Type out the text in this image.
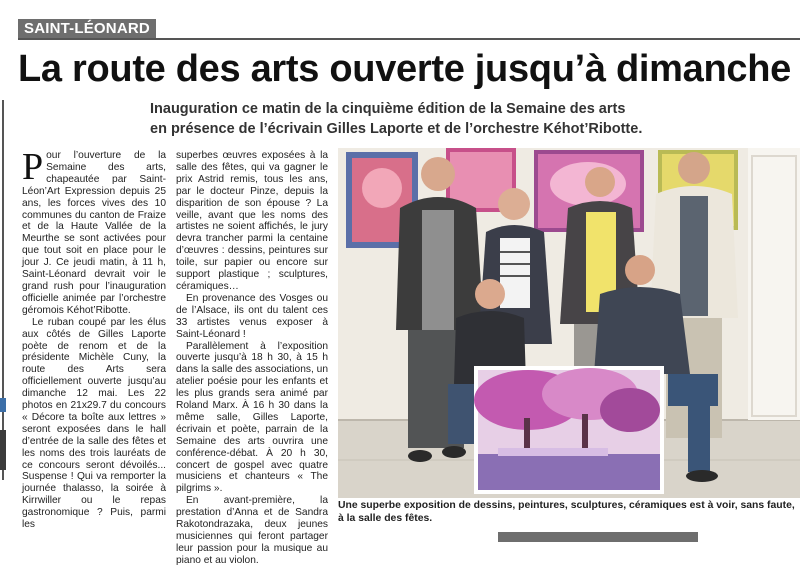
SAINT-LÉONARD
La route des arts ouverte jusqu’à dimanche
Inauguration ce matin de la cinquième édition de la Semaine des arts
en présence de l’écrivain Gilles Laporte et de l’orchestre Kéhot’Ribotte.

Pour l’ouverture de la Semaine des arts, chapeautée par Saint-Léon’Art Expression depuis 25 ans, les forces vives des 10 communes du canton de Fraize et de la Haute Vallée de la Meurthe se sont activées pour que tout soit en place pour le jour J. Ce jeudi matin, à 11 h, Saint-Léonard devrait voir le grand rush pour l’inauguration officielle animée par l’orchestre géromois Kéhot’Ribotte.

Le ruban coupé par les élus aux côtés de Gilles Laporte poète de renom et de la présidente Michèle Cuny, la route des Arts sera officiellement ouverte jusqu’au dimanche 12 mai. Les 22 photos en 21x29.7 du concours « Décore ta boîte aux lettres » seront exposées dans le hall d’entrée de la salle des fêtes et les noms des trois lauréats de ce concours seront dévoilés... Suspense ! Qui va remporter la journée thalasso, la soirée à Kirrwiller ou le repas gastronomique ? Puis, parmi les

superbes œuvres exposées à la salle des fêtes, qui va gagner le prix Astrid remis, tous les ans, par le docteur Pinze, depuis la disparition de son épouse ? La veille, avant que les noms des artistes ne soient affichés, le jury devra trancher parmi la centaine d’œuvres : dessins, peintures sur toile, sur papier ou encore sur support plastique ; sculptures, céramiques…

En provenance des Vosges ou de l’Alsace, ils ont du talent ces 33 artistes venus exposer à Saint-Léonard !

Parallèlement à l’exposition ouverte jusqu’à 18 h 30, à 15 h dans la salle des associations, un atelier poésie pour les enfants et les plus grands sera animé par Roland Marx. À 16 h 30 dans la même salle, Gilles Laporte, écrivain et poète, parrain de la Semaine des arts ouvrira une conférence-débat. À 20 h 30, concert de gospel avec quatre musiciens et chanteurs « The pilgrims ».

En avant-première, la prestation d’Anna et de Sandra Rakotondrazaka, deux jeunes musiciennes qui feront partager leur passion pour la musique au piano et au violon.

Une superbe exposition de dessins, peintures, sculptures, céramiques est à voir, sans faute, à la salle des fêtes.
